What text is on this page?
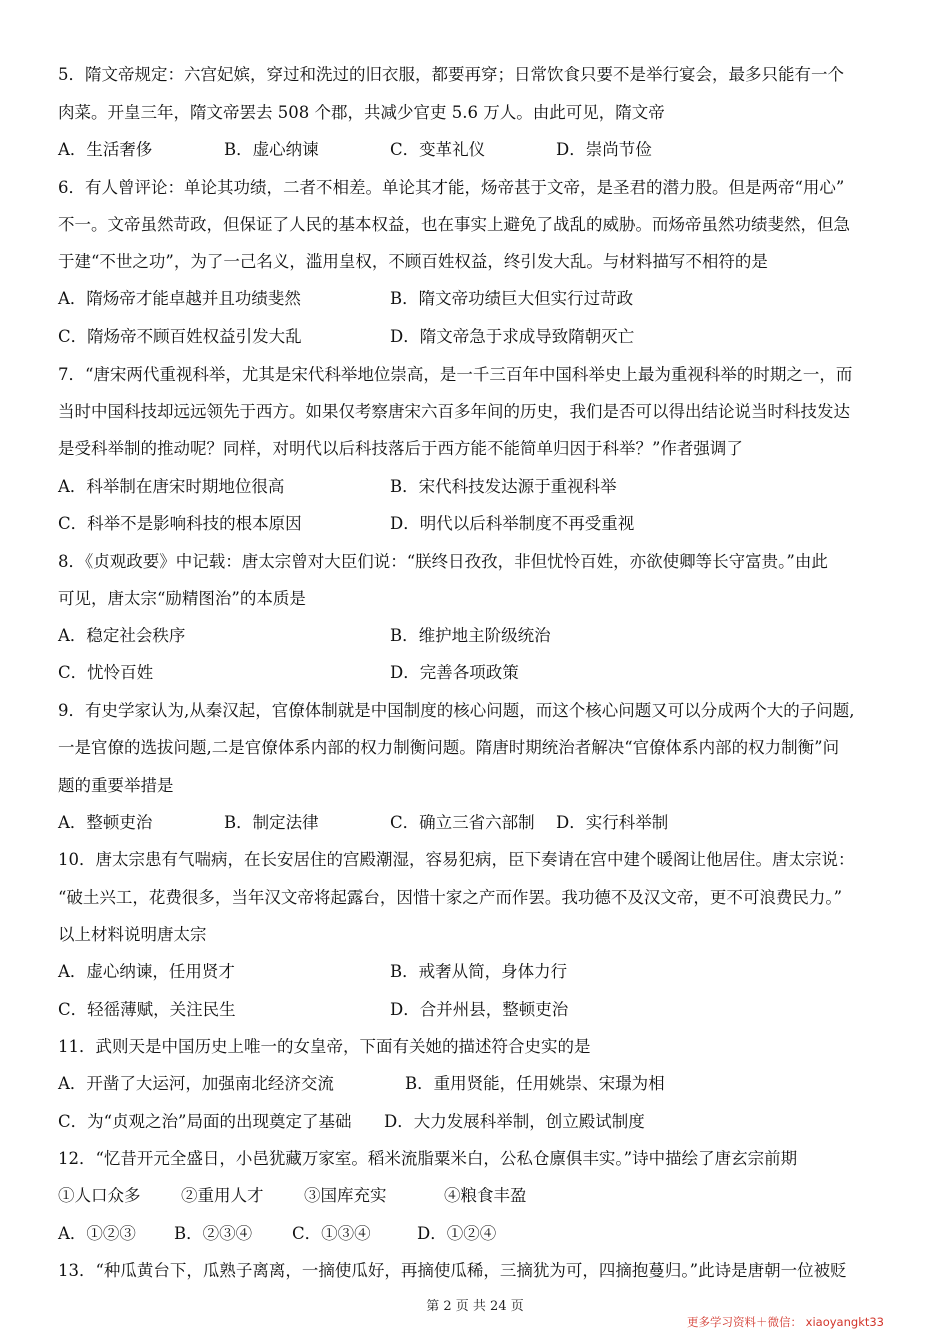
5．隋文帝规定：六宫妃嫔，穿过和洗过的旧衣服，都要再穿；日常饮食只要不是举行宴会，最多只能有一个
肉菜。开皇三年，隋文帝罢去 508 个郡，共减少官吏 5.6 万人。由此可见，隋文帝
A．生活奢侈	B．虚心纳谏	C．变革礼仪	D．崇尚节俭
6．有人曾评论：单论其功绩，二者不相差。单论其才能，炀帝甚于文帝，是圣君的潜力股。但是两帝“用心”
不一。文帝虽然苛政，但保证了人民的基本权益，也在事实上避免了战乱的威胁。而炀帝虽然功绩斐然，但急
于建“不世之功”，为了一己名义，滥用皇权，不顾百姓权益，终引发大乱。与材料描写不相符的是
A．隋炀帝才能卓越并且功绩斐然	B．隋文帝功绩巨大但实行过苛政
C．隋炀帝不顾百姓权益引发大乱	D．隋文帝急于求成导致隋朝灭亡
7．“唐宋两代重视科举，尤其是宋代科举地位崇高，是一千三百年中国科举史上最为重视科举的时期之一，而
当时中国科技却远远领先于西方。如果仅考察唐宋六百多年间的历史，我们是否可以得出结论说当时科技发达
是受科举制的推动呢？同样，对明代以后科技落后于西方能不能简单归因于科举？”作者强调了
A．科举制在唐宋时期地位很高	B．宋代科技发达源于重视科举
C．科举不是影响科技的根本原因	D．明代以后科举制度不再受重视
8．《贞观政要》中记载：唐太宗曾对大臣们说：“朕终日孜孜，非但忧怜百姓，亦欲使卿等长守富贵。”由此
可见，唐太宗“励精图治”的本质是
A．稳定社会秩序	B．维护地主阶级统治
C．忧怜百姓	D．完善各项政策
9．有史学家认为,从秦汉起，官僚体制就是中国制度的核心问题，而这个核心问题又可以分成两个大的子问题,
一是官僚的选拔问题,二是官僚体系内部的权力制衡问题。隋唐时期统治者解决“官僚体系内部的权力制衡”问
题的重要举措是
A．整顿吏治	B．制定法律	C．确立三省六部制 D．实行科举制
10．唐太宗患有气喘病，在长安居住的宫殿潮湿，容易犯病，臣下奏请在宫中建个暖阁让他居住。唐太宗说：
“破土兴工，花费很多，当年汉文帝将起露台，因惜十家之产而作罢。我功德不及汉文帝，更不可浪费民力。”
以上材料说明唐太宗
A．虚心纳谏，任用贤才	B．戒奢从简，身体力行
C．轻徭薄赋，关注民生	D．合并州县，整顿吏治
11．武则天是中国历史上唯一的女皇帝，下面有关她的描述符合史实的是
A．开凿了大运河，加强南北经济交流	B．重用贤能，任用姚崇、宋璟为相
C．为“贞观之治”局面的出现奠定了基础 D．大力发展科举制，创立殿试制度
12．“忆昔开元全盛日，小邑犹藏万家室。稻米流脂粟米白，公私仓廪俱丰实。”诗中描绘了唐玄宗前期
①人口众多 ②重用人才 ③国库充实	④粮食丰盈
A．①②③ B．②③④ C．①③④	D．①②④
13．“种瓜黄台下，瓜熟子离离，一摘使瓜好，再摘使瓜稀，三摘犹为可，四摘抱蔓归。”此诗是唐朝一位被贬
第 2 页 共 24 页
更多学习资料＋微信： xiaoyangkt33
